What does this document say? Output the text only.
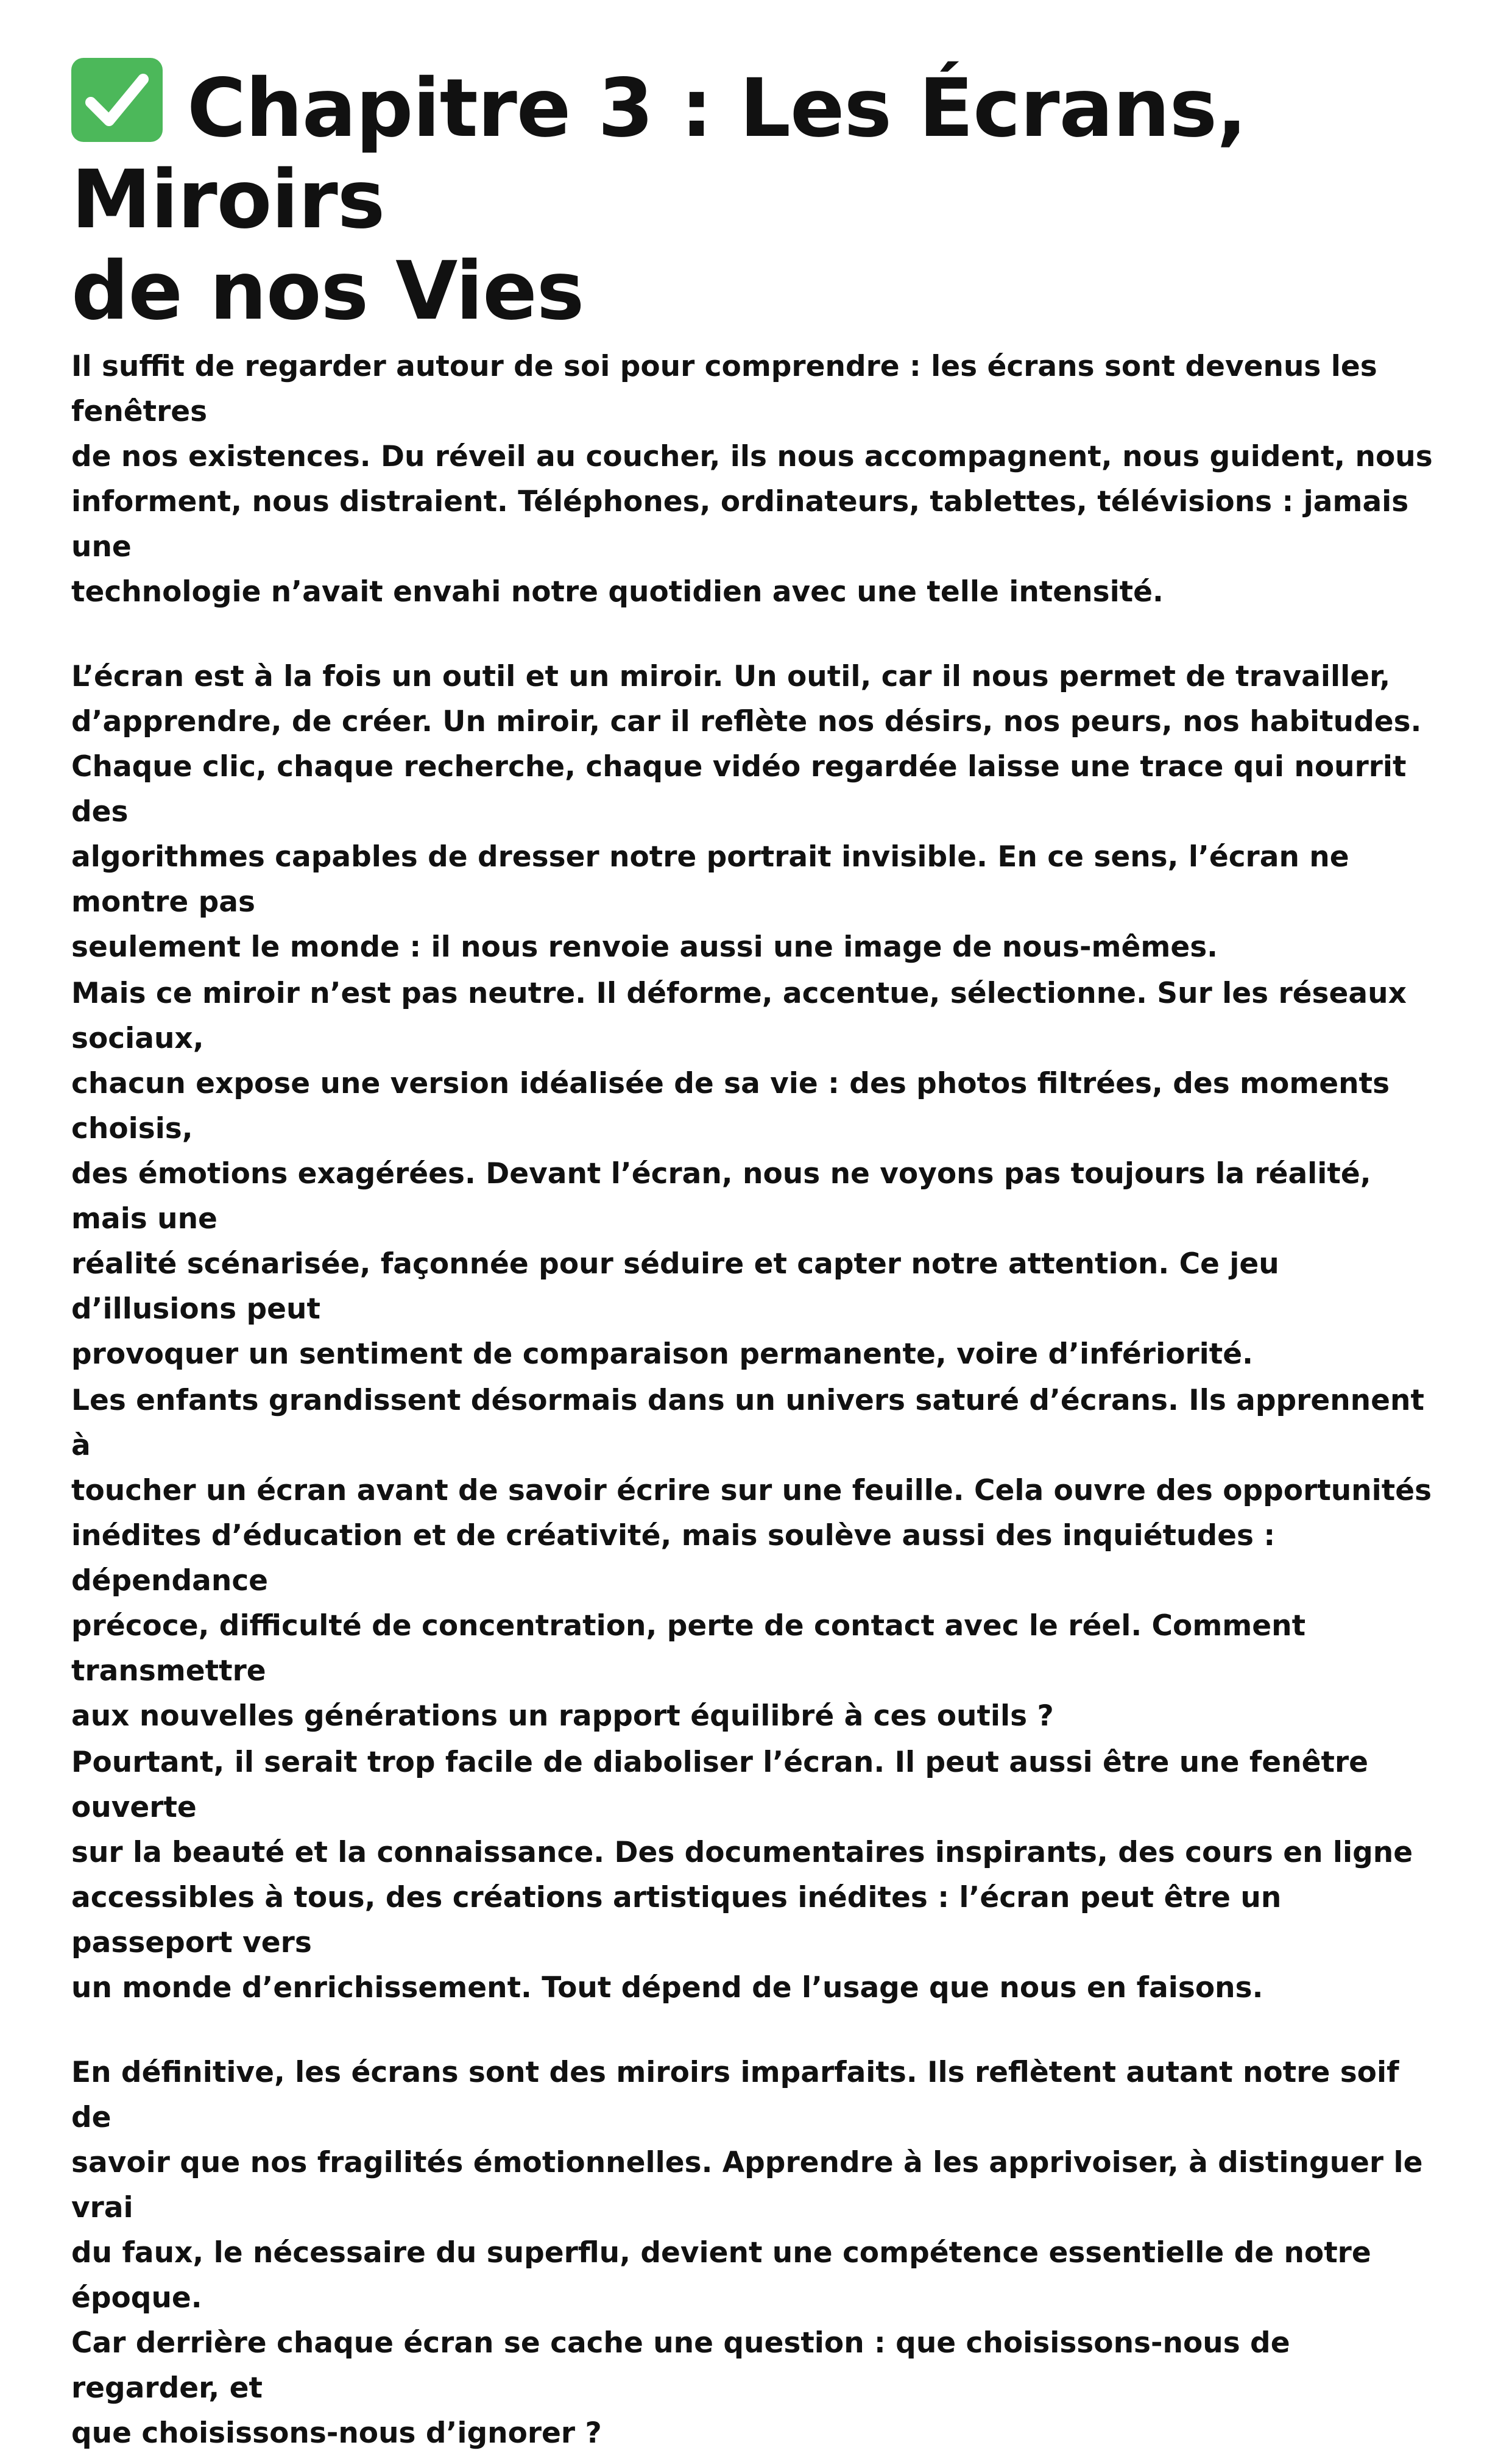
Chapitre 3 : Les Écrans, Miroirs
de nos Vies

Il suffit de regarder autour de soi pour comprendre : les écrans sont devenus les fenêtres
de nos existences. Du réveil au coucher, ils nous accompagnent, nous guident, nous
informent, nous distraient. Téléphones, ordinateurs, tablettes, télévisions : jamais une
technologie n’avait envahi notre quotidien avec une telle intensité.

L’écran est à la fois un outil et un miroir. Un outil, car il nous permet de travailler,
d’apprendre, de créer. Un miroir, car il reflète nos désirs, nos peurs, nos habitudes.
Chaque clic, chaque recherche, chaque vidéo regardée laisse une trace qui nourrit des
algorithmes capables de dresser notre portrait invisible. En ce sens, l’écran ne montre pas
seulement le monde : il nous renvoie aussi une image de nous-mêmes.

Mais ce miroir n’est pas neutre. Il déforme, accentue, sélectionne. Sur les réseaux sociaux,
chacun expose une version idéalisée de sa vie : des photos filtrées, des moments choisis,
des émotions exagérées. Devant l’écran, nous ne voyons pas toujours la réalité, mais une
réalité scénarisée, façonnée pour séduire et capter notre attention. Ce jeu d’illusions peut
provoquer un sentiment de comparaison permanente, voire d’infériorité.

Les enfants grandissent désormais dans un univers saturé d’écrans. Ils apprennent à
toucher un écran avant de savoir écrire sur une feuille. Cela ouvre des opportunités
inédites d’éducation et de créativité, mais soulève aussi des inquiétudes : dépendance
précoce, difficulté de concentration, perte de contact avec le réel. Comment transmettre
aux nouvelles générations un rapport équilibré à ces outils ?

Pourtant, il serait trop facile de diaboliser l’écran. Il peut aussi être une fenêtre ouverte
sur la beauté et la connaissance. Des documentaires inspirants, des cours en ligne
accessibles à tous, des créations artistiques inédites : l’écran peut être un passeport vers
un monde d’enrichissement. Tout dépend de l’usage que nous en faisons.

En définitive, les écrans sont des miroirs imparfaits. Ils reflètent autant notre soif de
savoir que nos fragilités émotionnelles. Apprendre à les apprivoiser, à distinguer le vrai
du faux, le nécessaire du superflu, devient une compétence essentielle de notre époque.
Car derrière chaque écran se cache une question : que choisissons-nous de regarder, et
que choisissons-nous d’ignorer ?
